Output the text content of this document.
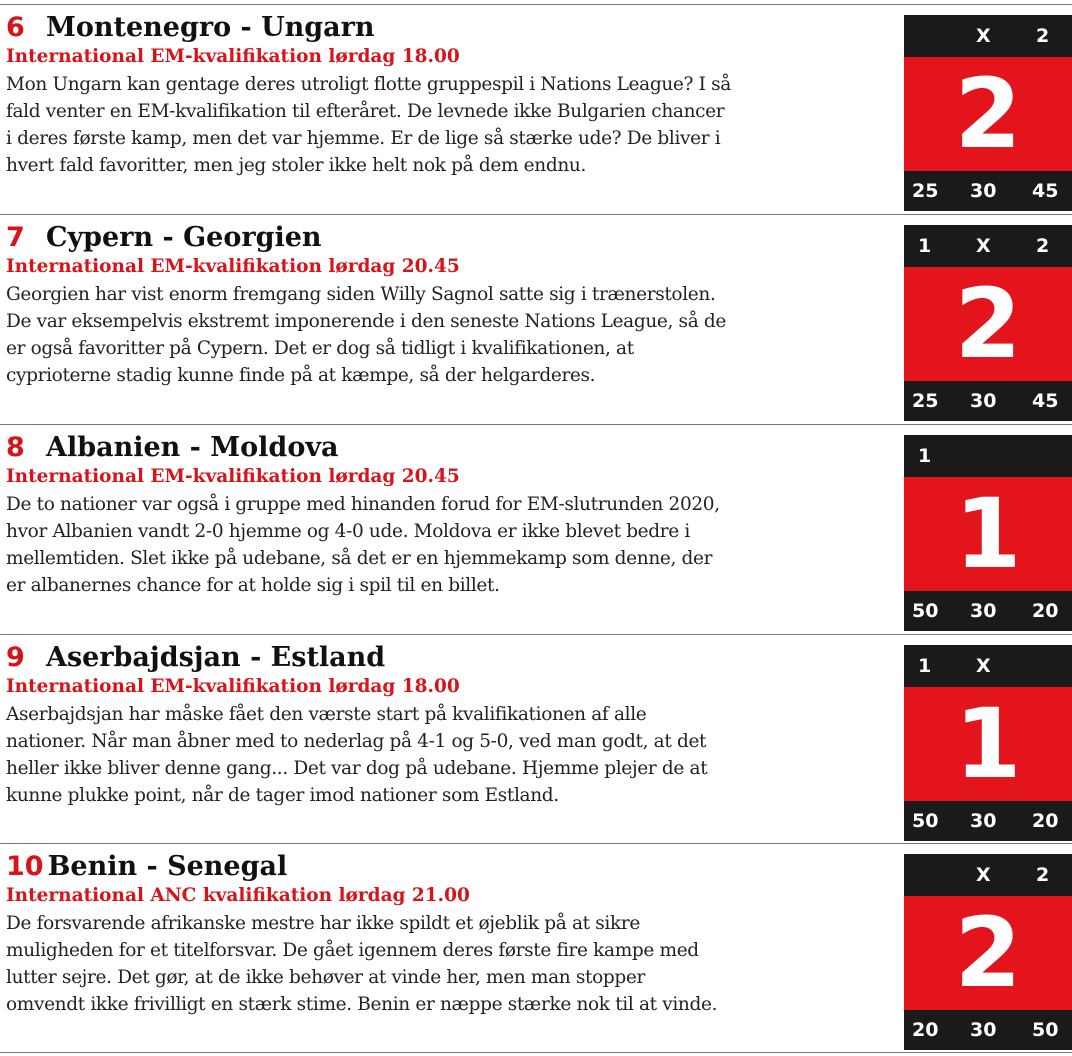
6 Montenegro - Ungarn

International EM-kvalifikation lørdag 18.00

Mon Ungarn kan gentage deres utroligt flotte gruppespil i Nations League? I så
fald venter en EM-kvalifikation til efteråret. De levnede ikke Bulgarien chancer
i deres første kamp, men det var hjemme. Er de lige så stærke ude? De bliver i
hvert fald favoritter, men jeg stoler ikke helt nok på dem endnu.

X 2
2
25 30 45
7 Cypern - Georgien

International EM-kvalifikation lørdag 20.45

Georgien har vist enorm fremgang siden Willy Sagnol satte sig i trænerstolen.
De var eksempelvis ekstremt imponerende i den seneste Nations League, så de
er også favoritter på Cypern. Det er dog så tidligt i kvalifikationen, at
cyprioterne stadig kunne finde på at kæmpe, så der helgarderes.

1 X 2
2
25 30 45
8 Albanien - Moldova

International EM-kvalifikation lørdag 20.45

De to nationer var også i gruppe med hinanden forud for EM-slutrunden 2020,
hvor Albanien vandt 2-0 hjemme og 4-0 ude. Moldova er ikke blevet bedre i
mellemtiden. Slet ikke på udebane, så det er en hjemmekamp som denne, der
er albanernes chance for at holde sig i spil til en billet.

1
1
50 30 20
9 Aserbajdsjan - Estland

International EM-kvalifikation lørdag 18.00

Aserbajdsjan har måske fået den værste start på kvalifikationen af alle
nationer. Når man åbner med to nederlag på 4-1 og 5-0, ved man godt, at det
heller ikke bliver denne gang... Det var dog på udebane. Hjemme plejer de at
kunne plukke point, når de tager imod nationer som Estland.

1 X
1
50 30 20
10 Benin - Senegal

International ANC kvalifikation lørdag 21.00

De forsvarende afrikanske mestre har ikke spildt et øjeblik på at sikre
muligheden for et titelforsvar. De gået igennem deres første fire kampe med
lutter sejre. Det gør, at de ikke behøver at vinde her, men man stopper
omvendt ikke frivilligt en stærk stime. Benin er næppe stærke nok til at vinde.

X 2
2
20 30 50
